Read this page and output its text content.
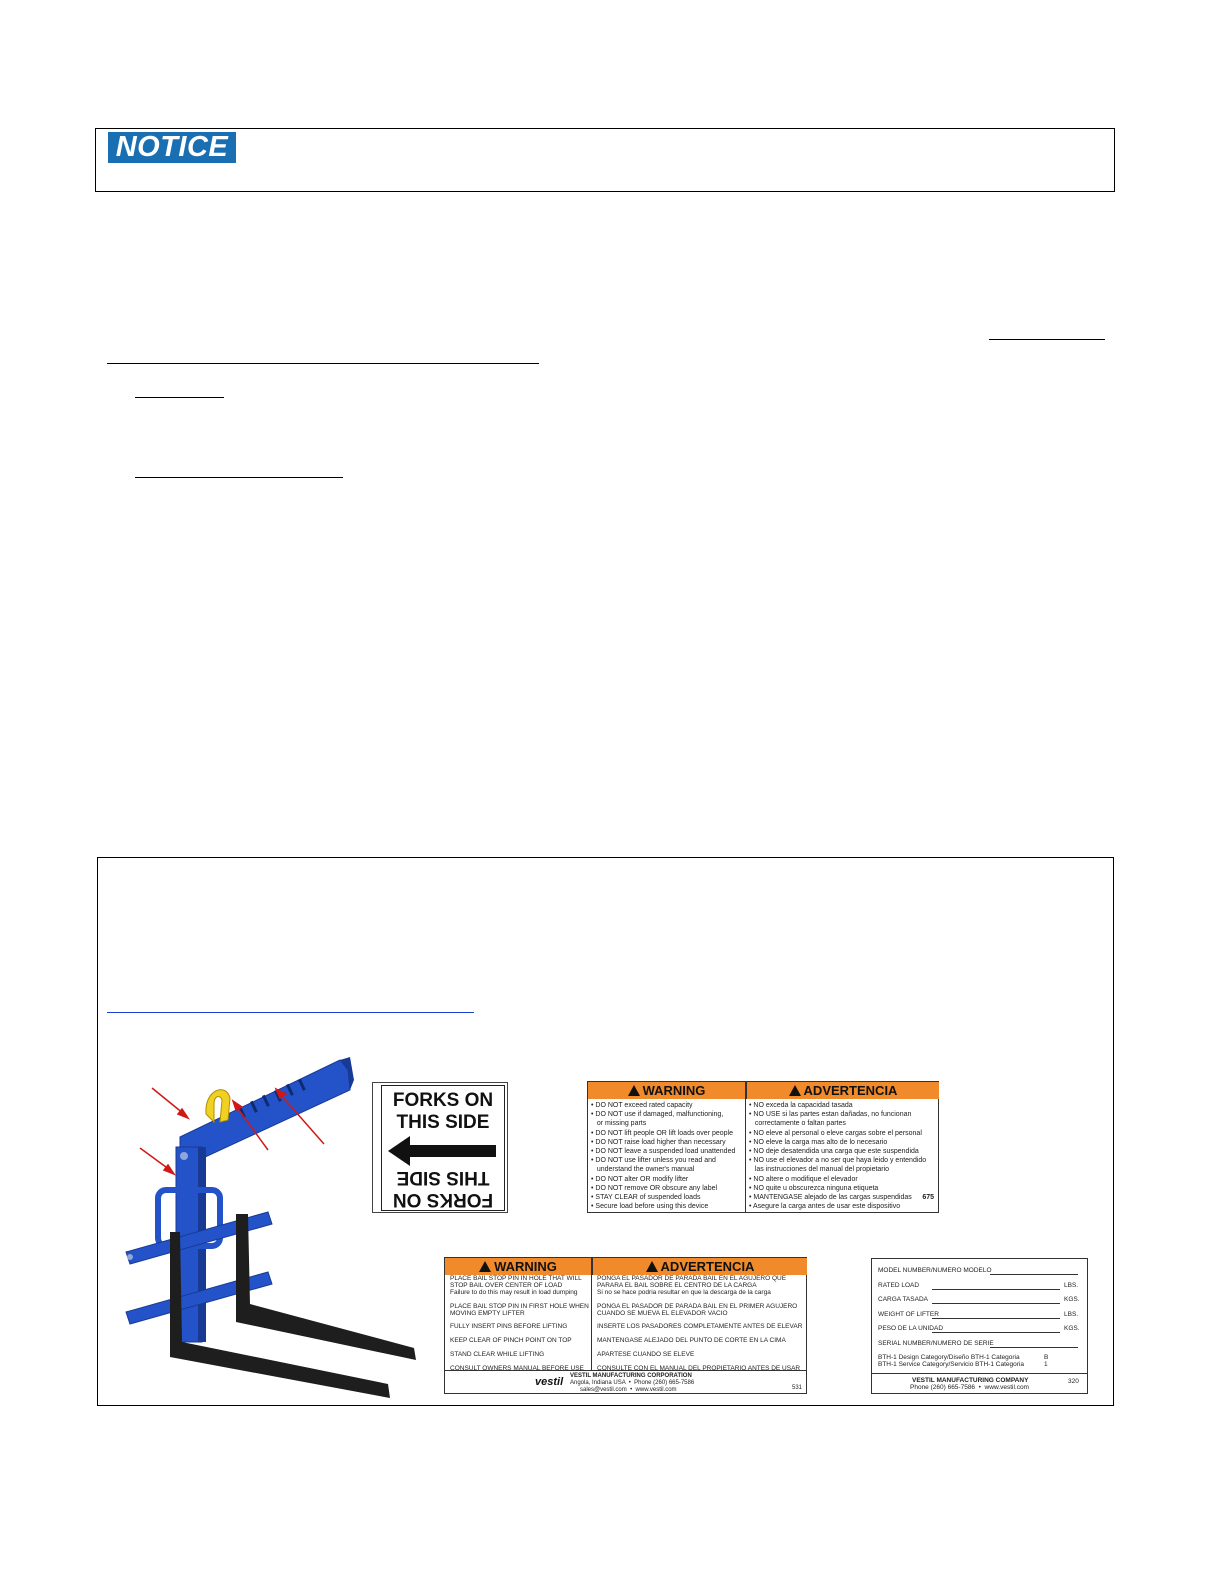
NOTICE
FORKS ON
THIS SIDE
FORKS ON
THIS SIDE
WARNING	ADVERTENCIA
• DO NOT exceed rated capacity
• DO NOT use if damaged, malfunctioning,
or missing parts
• DO NOT lift people OR lift loads over people
• DO NOT raise load higher than necessary
• DO NOT leave a suspended load unattended
• DO NOT use lifter unless you read and
understand the owner's manual
• DO NOT alter OR modify lifter
• DO NOT remove OR obscure any label
• STAY CLEAR of suspended loads
• Secure load before using this device
• NO exceda la capacidad tasada
• NO USE si las partes estan dañadas, no funcionan
correctamente o faltan partes
• NO eleve al personal o eleve cargas sobre el personal
• NO eleve la carga mas alto de lo necesario
• NO deje desatendida una carga que este suspendida
• NO use el elevador a no ser que haya leido y entendido
las instrucciones del manual del propietario
• NO altere o modifique el elevador
• NO quite u obscurezca ninguna etiqueta
• MANTENGASE alejado de las cargas suspendidas
• Asegure la carga antes de usar este dispositivo
675
WARNING	ADVERTENCIA
PLACE BAIL STOP PIN IN HOLE THAT WILL
STOP BAIL OVER CENTER OF LOAD
Failure to do this may result in load dumping

PLACE BAIL STOP PIN IN FIRST HOLE WHEN
MOVING EMPTY LIFTER

FULLY INSERT PINS BEFORE LIFTING

KEEP CLEAR OF PINCH POINT ON TOP

STAND CLEAR WHILE LIFTING

CONSULT OWNERS MANUAL BEFORE USE
PONGA EL PASADOR DE PARADA BAIL EN EL AGUJERO QUE
PARARA EL BAIL SOBRE EL CENTRO DE LA CARGA
Si no se hace podria resultar en que la descarga de la carga

PONGA EL PASADOR DE PARADA BAIL EN EL PRIMER AGUJERO
CUANDO SE MUEVA EL ELEVADOR VACIO

INSERTE LOS PASADORES COMPLETAMENTE ANTES DE ELEVAR

MANTENGASE ALEJADO DEL PUNTO DE CORTE EN LA CIMA

APARTESE CUANDO SE ELEVE

CONSULTE CON EL MANUAL DEL PROPIETARIO ANTES DE USAR
vestil VESTIL MANUFACTURING CORPORATION
Angola, Indiana USA  •  Phone (260) 665-7586
sales@vestil.com  •  www.vestil.com	531
MODEL NUMBER/NUMERO MODELO
RATED LOAD	LBS.
CARGA TASADA	KGS.
WEIGHT OF LIFTER	LBS.
PESO DE LA UNIDAD	KGS.
SERIAL NUMBER/NUMERO DE SERIE
BTH-1 Design Category/Diseño BTH-1 Categoria	B
BTH-1 Service Category/Servicio BTH-1 Categoria	1
VESTIL MANUFACTURING COMPANY
Phone (260) 665-7586  •  www.vestil.com
320
